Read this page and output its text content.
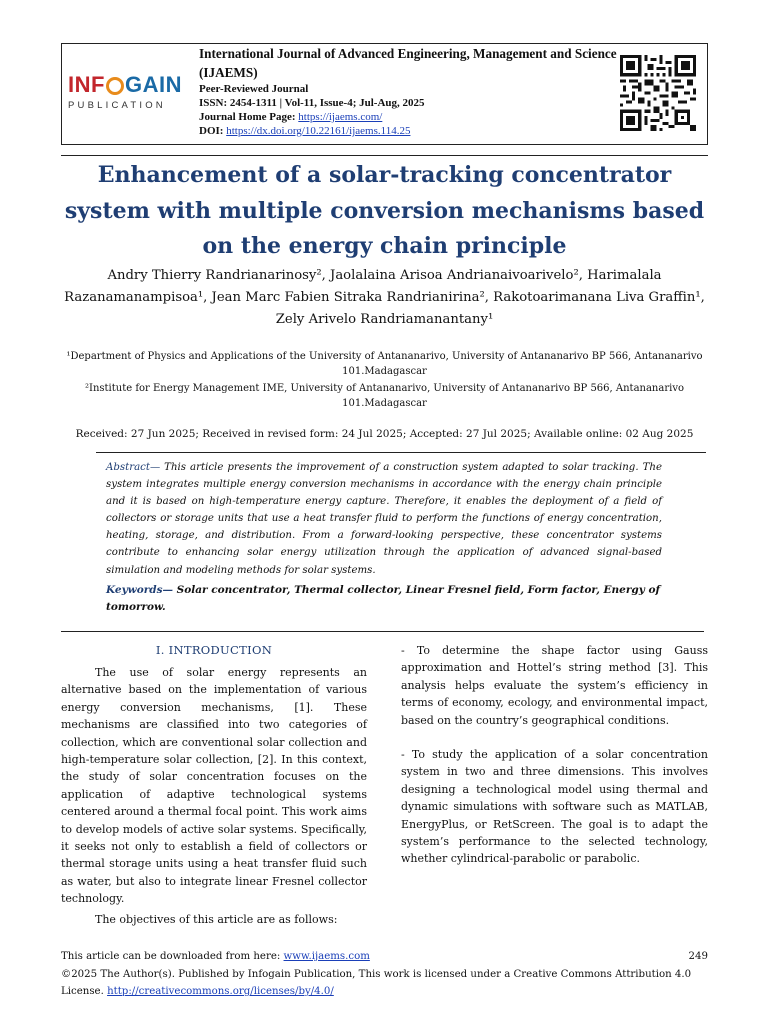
INF GAIN
PUBLICATION
International Journal of Advanced Engineering, Management and Science (IJAEMS)
Peer-Reviewed Journal
ISSN: 2454-1311 | Vol-11, Issue-4; Jul-Aug, 2025
Journal Home Page: https://ijaems.com/
DOI: https://dx.doi.org/10.22161/ijaems.114.25
Enhancement of a solar-tracking concentrator system with multiple conversion mechanisms based on the energy chain principle
Andry Thierry Randrianarinosy², Jaolalaina Arisoa Andrianaivoarivelo², Harimalala Razanamanampisoa¹, Jean Marc Fabien Sitraka Randrianirina², Rakotoarimanana Liva Graffin¹, Zely Arivelo Randriamanantany¹
¹Department of Physics and Applications of the University of Antananarivo, University of Antananarivo BP 566, Antananarivo 101.Madagascar
²Institute for Energy Management IME, University of Antananarivo, University of Antananarivo BP 566, Antananarivo 101.Madagascar
Received: 27 Jun 2025; Received in revised form: 24 Jul 2025; Accepted: 27 Jul 2025; Available online: 02 Aug 2025
Abstract— This article presents the improvement of a construction system adapted to solar tracking. The system integrates multiple energy conversion mechanisms in accordance with the energy chain principle and it is based on high-temperature energy capture. Therefore, it enables the deployment of a field of collectors or storage units that use a heat transfer fluid to perform the functions of energy concentration, heating, storage, and distribution. From a forward-looking perspective, these concentrator systems contribute to enhancing solar energy utilization through the application of advanced signal-based simulation and modeling methods for solar systems.
Keywords— Solar concentrator, Thermal collector, Linear Fresnel field, Form factor, Energy of tomorrow.
I. INTRODUCTION
The use of solar energy represents an alternative based on the implementation of various energy conversion mechanisms, [1]. These mechanisms are classified into two categories of collection, which are conventional solar collection and high-temperature solar collection, [2]. In this context, the study of solar concentration focuses on the application of adaptive technological systems centered around a thermal focal point. This work aims to develop models of active solar systems. Specifically, it seeks not only to establish a field of collectors or thermal storage units using a heat transfer fluid such as water, but also to integrate linear Fresnel collector technology.
The objectives of this article are as follows:
- To determine the shape factor using Gauss approximation and Hottel’s string method [3]. This analysis helps evaluate the system’s efficiency in terms of economy, ecology, and environmental impact, based on the country’s geographical conditions.
- To study the application of a solar concentration system in two and three dimensions. This involves designing a technological model using thermal and dynamic simulations with software such as MATLAB, EnergyPlus, or RetScreen. The goal is to adapt the system’s performance to the selected technology, whether cylindrical-parabolic or parabolic.
This article can be downloaded from here: www.ijaems.com	249
©2025 The Author(s). Published by Infogain Publication, This work is licensed under a Creative Commons Attribution 4.0 License. http://creativecommons.org/licenses/by/4.0/
